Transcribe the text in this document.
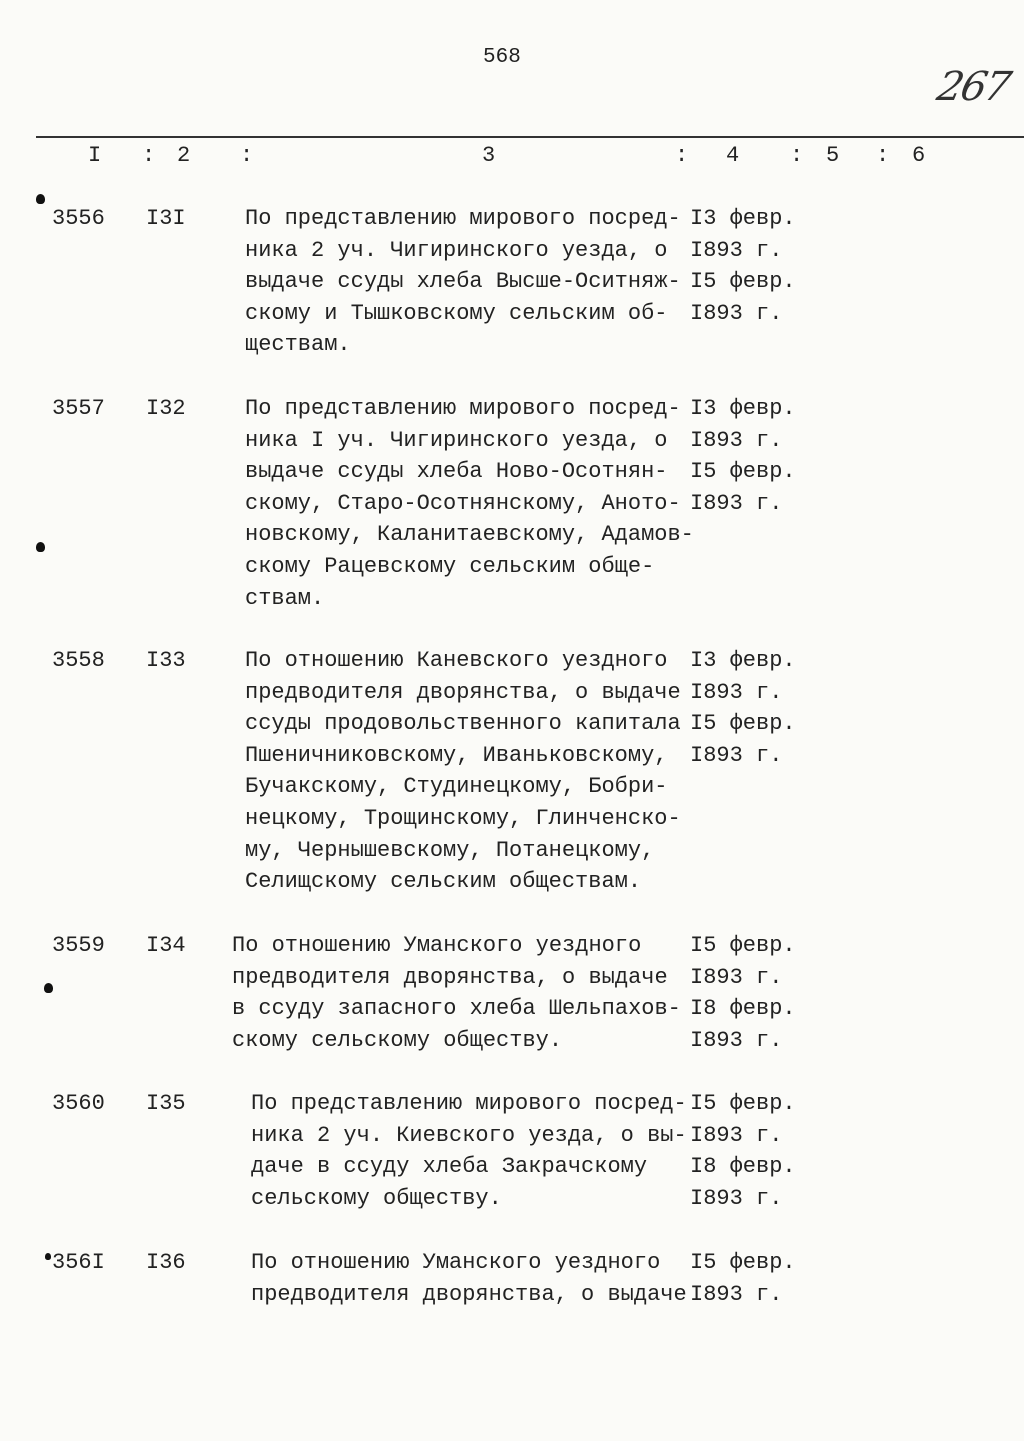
568
267
I : 2 :	3	: 4 : 5 : 6
3556 I3I	По представлению мирового посред-
ника 2 уч. Чигиринского уезда, о
выдаче ссуды хлеба Высше-Оситняж-
скому и Тышковскому сельским об-
ществам.
I3 февр.
I893 г.
I5 февр.
I893 г.
3557 I32	По представлению мирового посред-
ника I уч. Чигиринского уезда, о
выдаче ссуды хлеба Ново-Осотнян-
скому, Старо-Осотнянскому, Аното-
новскому, Каланитаевскому, Адамов-
скому Рацевскому сельским обще-
ствам.
I3 февр.
I893 г.
I5 февр.
I893 г.
3558 I33	По отношению Каневского уездного
предводителя дворянства, о выдаче
ссуды продовольственного капитала
Пшеничниковскому, Иваньковскому,
Бучакскому, Студинецкому, Бобри-
нецкому, Трощинскому, Глинченско-
му, Чернышевскому, Потанецкому,
Селищскому сельским обществам.
I3 февр.
I893 г.
I5 февр.
I893 г.
3559 I34 По отношению Уманского уездного
предводителя дворянства, о выдаче
в ссуду запасного хлеба Шельпахов-
скому сельскому обществу.
I5 февр.
I893 г.
I8 февр.
I893 г.
3560 I35	По представлению мирового посред-
ника 2 уч. Киевского уезда, о вы-
даче в ссуду хлеба Закрачскому
сельскому обществу.
I5 февр.
I893 г.
I8 февр.
I893 г.
356I I36	По отношению Уманского уездного
предводителя дворянства, о выдаче
I5 февр.
I893 г.
